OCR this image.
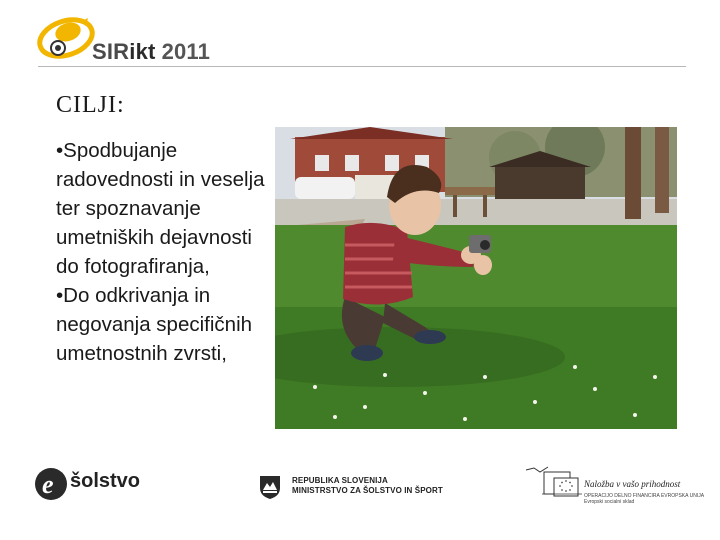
SIRikt 2011
CILJI:
•Spodbujanje radovednosti in veselja ter spoznavanje umetniških dejavnosti do fotografiranja,
•Do odkrivanja in negovanja specifičnih umetnostnih zvrsti,
e šolstvo	REPUBLIKA SLOVENIJA
MINISTRSTVO ZA ŠOLSTVO IN ŠPORT
Naložba v vašo prihodnost
OPERACIJO DELNO FINANCIRA EVROPSKA UNIJA
Evropski socialni sklad
